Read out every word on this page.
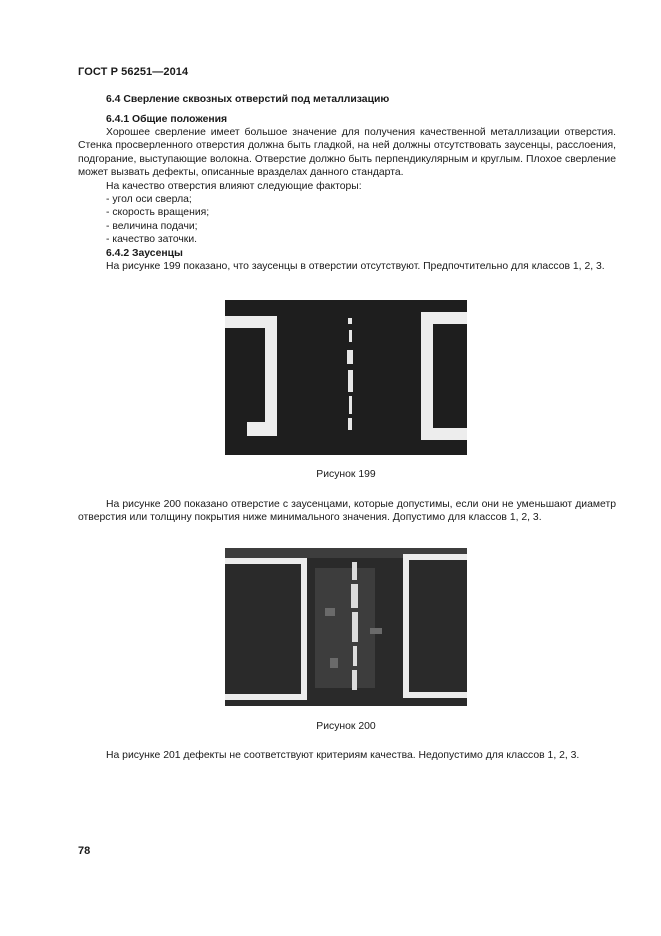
ГОСТ Р 56251—2014
6.4 Сверление сквозных отверстий под металлизацию
6.4.1 Общие положения
Хорошее сверление имеет большое значение для получения качественной металлизации отверстия. Стенка просверленного отверстия должна быть гладкой, на ней должны отсутствовать заусенцы, расслоения, подгорание, выступающие волокна. Отверстие должно быть перпендикулярным и круглым. Плохое сверление может вызвать дефекты, описанные вразделах данного стандарта.
На качество отверстия влияют следующие факторы:
- угол оси сверла;
- скорость вращения;
- величина подачи;
- качество заточки.
6.4.2 Заусенцы
На рисунке 199 показано, что заусенцы в отверстии отсутствуют. Предпочтительно для классов 1, 2, 3.
Рисунок 199
На рисунке 200 показано отверстие с заусенцами, которые допустимы, если они не уменьшают диаметр отверстия или толщину покрытия ниже минимального значения. Допустимо для классов 1, 2, 3.
Рисунок 200
На рисунке 201 дефекты не соответствуют критериям качества. Недопустимо для классов 1, 2, 3.
78
